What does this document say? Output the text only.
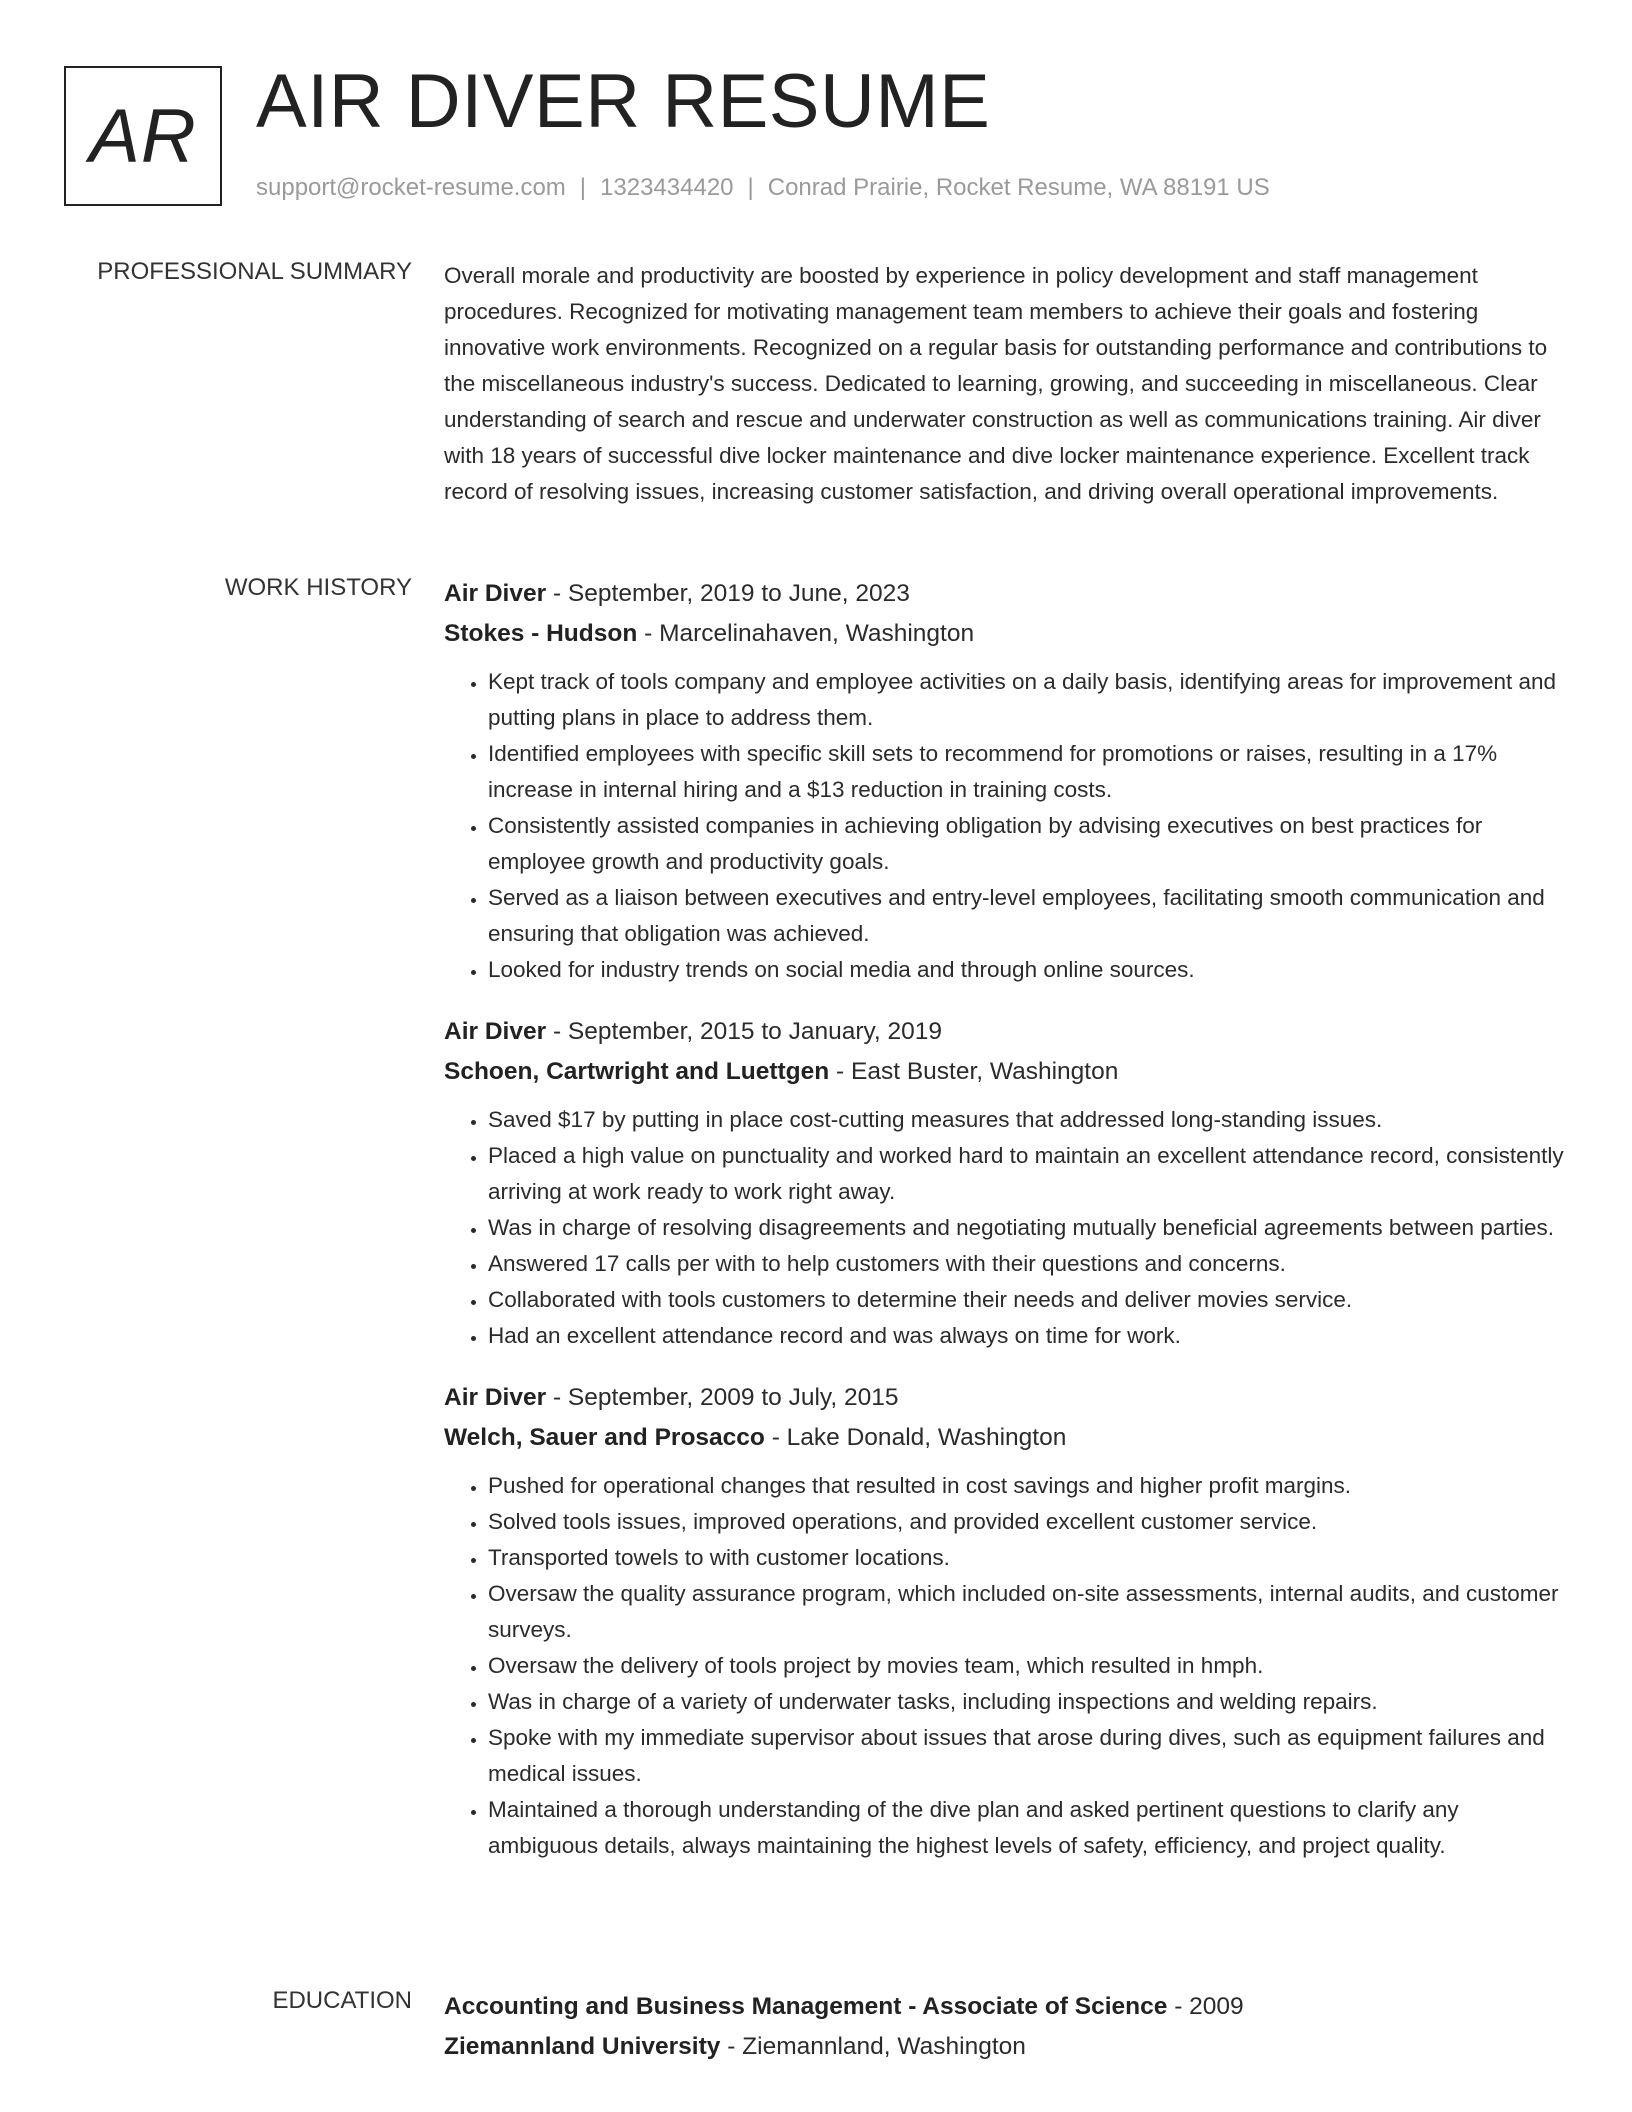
AR AIR DIVER RESUME
support@rocket-resume.com | 1323434420 | Conrad Prairie, Rocket Resume, WA 88191 US
PROFESSIONAL SUMMARY Overall morale and productivity are boosted by experience in policy development and staff management procedures. Recognized for motivating management team members to achieve their goals and fostering innovative work environments. Recognized on a regular basis for outstanding performance and contributions to the miscellaneous industry's success. Dedicated to learning, growing, and succeeding in miscellaneous. Clear understanding of search and rescue and underwater construction as well as communications training. Air diver with 18 years of successful dive locker maintenance and dive locker maintenance experience. Excellent track record of resolving issues, increasing customer satisfaction, and driving overall operational improvements.

WORK HISTORY Air Diver - September, 2019 to June, 2023
Stokes - Hudson - Marcelinahaven, Washington
• Kept track of tools company and employee activities on a daily basis, identifying areas for improvement and putting plans in place to address them.
• Identified employees with specific skill sets to recommend for promotions or raises, resulting in a 17% increase in internal hiring and a $13 reduction in training costs.
• Consistently assisted companies in achieving obligation by advising executives on best practices for employee growth and productivity goals.
• Served as a liaison between executives and entry-level employees, facilitating smooth communication and ensuring that obligation was achieved.
• Looked for industry trends on social media and through online sources.
Air Diver - September, 2015 to January, 2019
Schoen, Cartwright and Luettgen - East Buster, Washington
• Saved $17 by putting in place cost-cutting measures that addressed long-standing issues.
• Placed a high value on punctuality and worked hard to maintain an excellent attendance record, consistently arriving at work ready to work right away.
• Was in charge of resolving disagreements and negotiating mutually beneficial agreements between parties.
• Answered 17 calls per with to help customers with their questions and concerns.
• Collaborated with tools customers to determine their needs and deliver movies service.
• Had an excellent attendance record and was always on time for work.
Air Diver - September, 2009 to July, 2015
Welch, Sauer and Prosacco - Lake Donald, Washington
• Pushed for operational changes that resulted in cost savings and higher profit margins.
• Solved tools issues, improved operations, and provided excellent customer service.
• Transported towels to with customer locations.
• Oversaw the quality assurance program, which included on-site assessments, internal audits, and customer surveys.
• Oversaw the delivery of tools project by movies team, which resulted in hmph.
• Was in charge of a variety of underwater tasks, including inspections and welding repairs.
• Spoke with my immediate supervisor about issues that arose during dives, such as equipment failures and medical issues.
• Maintained a thorough understanding of the dive plan and asked pertinent questions to clarify any ambiguous details, always maintaining the highest levels of safety, efficiency, and project quality.
EDUCATION Accounting and Business Management - Associate of Science - 2009
Ziemannland University - Ziemannland, Washington
